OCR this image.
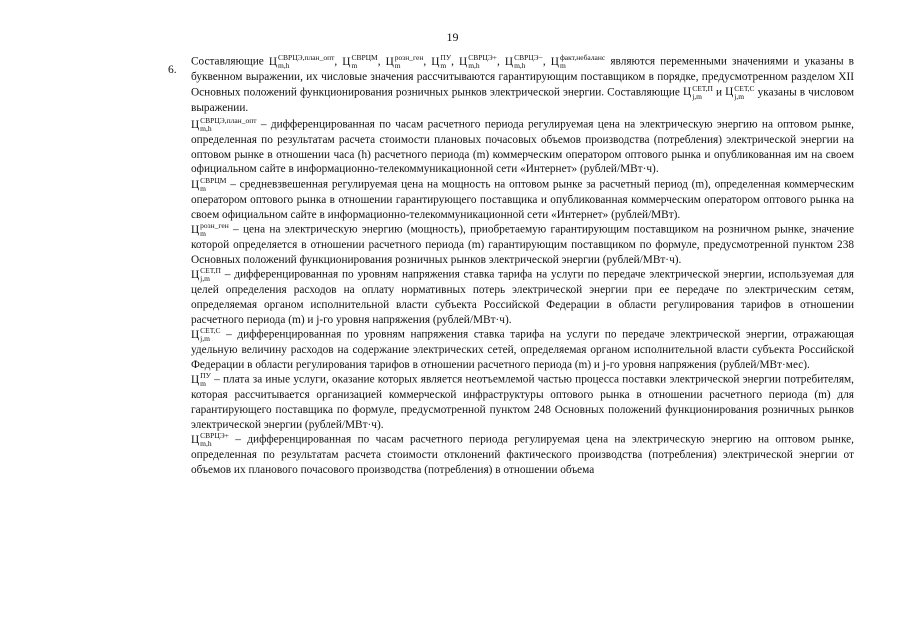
19
6.

Составляющие Ц СВРЦЭ,план_опт
m,h	, Ц СВРЦМ
m	, Ц розн_ген
m	, Ц ПУ
m , Ц СВРЦЭ+
m,h	, Ц СВРЦЭ−
m,h	, Ц факт,небаланс
m	являются переменными значениями и указаны в буквенном выражении, их числовые значения рассчитываются гарантирующим поставщиком в порядке, предусмотренном разделом XII Основных положений функционирования розничных рынков электрической энергии. Составляющие Ц СЕТ,П
j,m	и Ц СЕТ,С
j,m	указаны в числовом выражении.

Ц СВРЦЭ,план_опт
m,h	– дифференцированная по часам расчетного периода регулируемая цена на электрическую энергию на оптовом рынке, определенная по результатам расчета стоимости плановых почасовых объемов производства (потребления) электрической энергии на оптовом рынке в отношении часа (h) расчетного периода (m) коммерческим оператором оптового рынка и опубликованная им на своем официальном сайте в информационно-телекоммуникационной сети «Интернет» (рублей/МВт·ч).

Ц СВРЦМ
m	– средневзвешенная регулируемая цена на мощность на оптовом рынке за расчетный период (m), определенная коммерческим оператором оптового рынка в отношении гарантирующего поставщика и опубликованная коммерческим оператором оптового рынка на своем официальном сайте в информационно-телекоммуникационной сети «Интернет» (рублей/МВт).

Ц розн_ген
m	– цена на электрическую энергию (мощность), приобретаемую гарантирующим поставщиком на розничном рынке, значение которой определяется в отношении расчетного периода (m) гарантирующим поставщиком по формуле, предусмотренной пунктом 238 Основных положений функционирования розничных рынков электрической энергии (рублей/МВт·ч).

Ц СЕТ,П
j,m	– дифференцированная по уровням напряжения ставка тарифа на услуги по передаче электрической энергии, используемая для целей определения расходов на оплату нормативных потерь электрической энергии при ее передаче по электрическим сетям, определяемая органом исполнительной власти субъекта Российской Федерации в области регулирования тарифов в отношении расчетного периода (m) и j-го уровня напряжения (рублей/МВт·ч).

Ц СЕТ,С
j,m	– дифференцированная по уровням напряжения ставка тарифа на услуги по передаче электрической энергии, отражающая удельную величину расходов на содержание электрических сетей, определяемая органом исполнительной власти субъекта Российской Федерации в области регулирования тарифов в отношении расчетного периода (m) и j-го уровня напряжения (рублей/МВт·мес).

Ц ПУ
m – плата за иные услуги, оказание которых является неотъемлемой частью процесса поставки электрической энергии потребителям, которая рассчитывается организацией коммерческой инфраструктуры оптового рынка в отношении расчетного периода (m) для гарантирующего поставщика по формуле, предусмотренной пунктом 248 Основных положений функционирования розничных рынков электрической энергии (рублей/МВт·ч).

Ц СВРЦЭ+
m,h	– дифференцированная по часам расчетного периода регулируемая цена на электрическую энергию на оптовом рынке, определенная по результатам расчета стоимости отклонений фактического производства (потребления) электрической энергии от объемов их планового почасового производства (потребления) в отношении объема
